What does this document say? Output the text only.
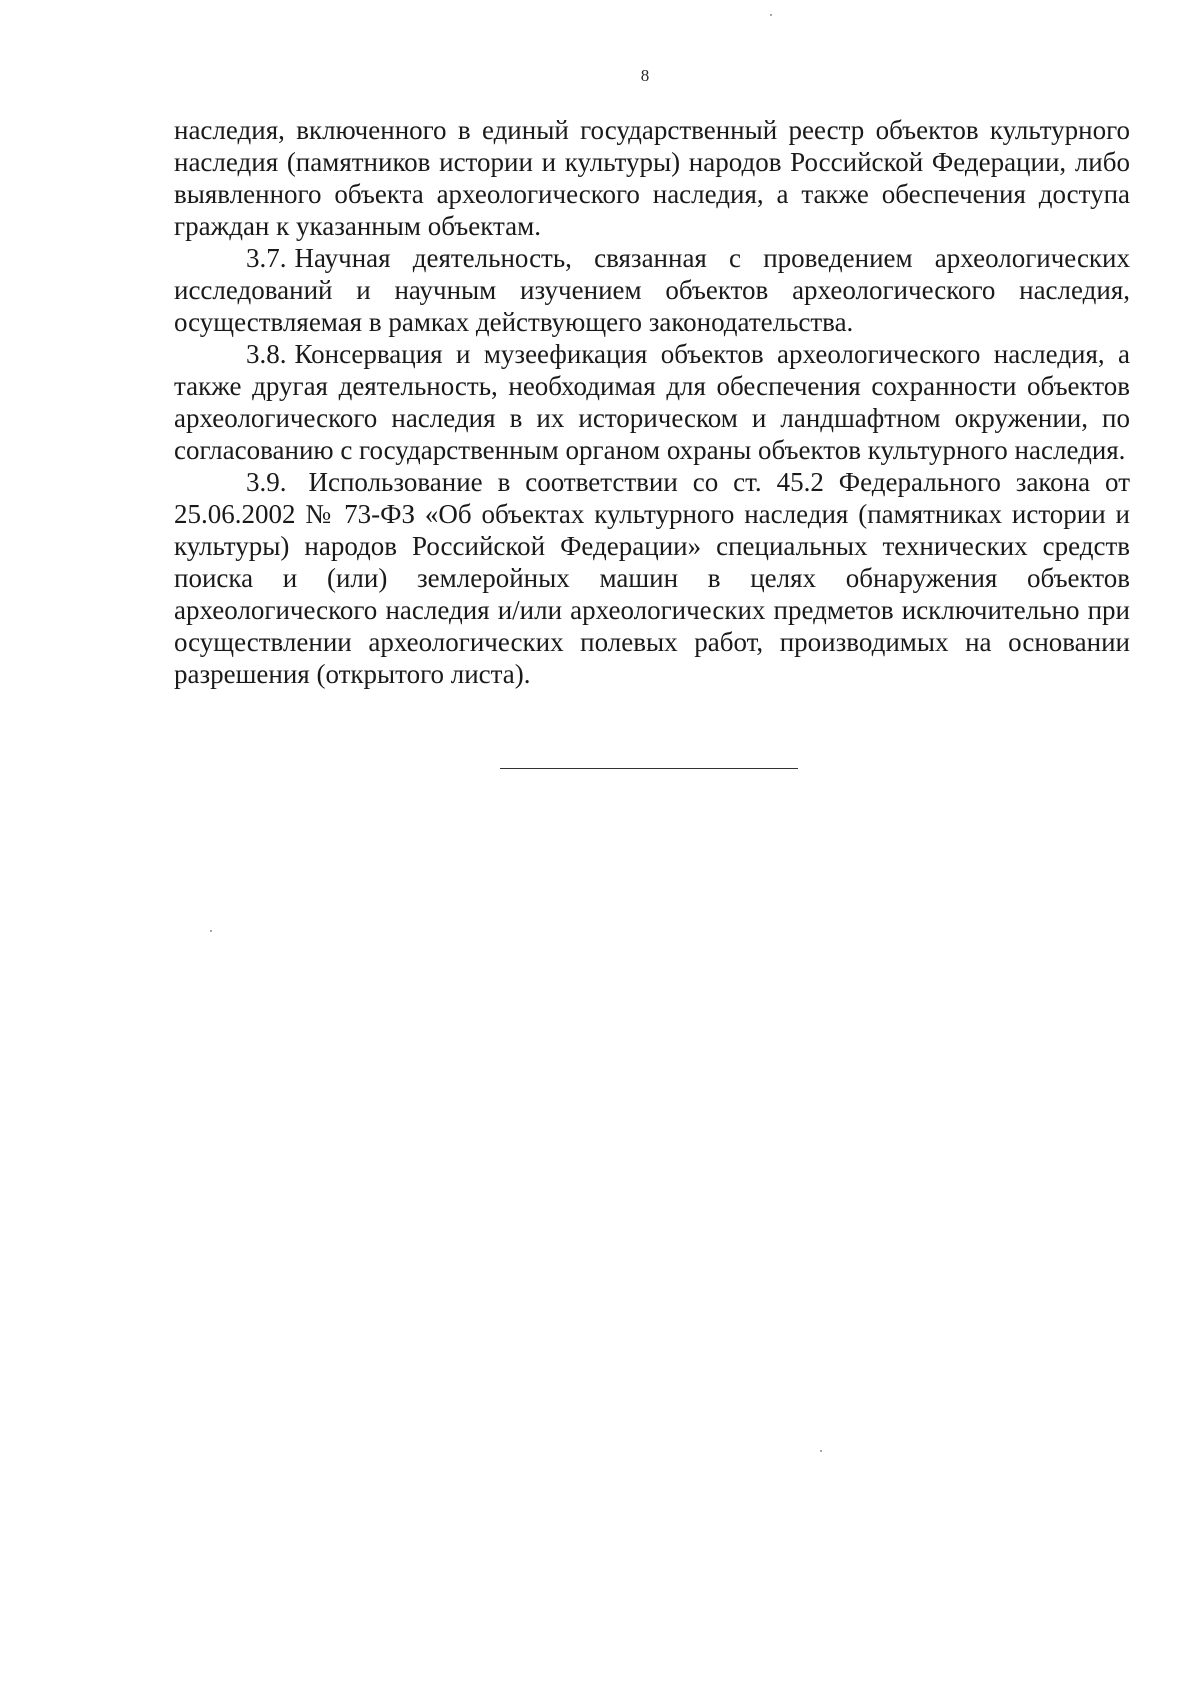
8

наследия, включенного в единый государственный реестр объектов культурного наследия (памятников истории и культуры) народов Российской Федерации, либо выявленного объекта археологического наследия, а также обеспечения доступа граждан к указанным объектам.

3.7. Научная деятельность, связанная с проведением археологических исследований и научным изучением объектов археологического наследия, осуществляемая в рамках действующего законодательства.

3.8. Консервация и музеефикация объектов археологического наследия, а также другая деятельность, необходимая для обеспечения сохранности объектов археологического наследия в их историческом и ландшафтном окружении, по согласованию с государственным органом охраны объектов культурного наследия.

3.9. Использование в соответствии со ст. 45.2 Федерального закона от 25.06.2002 № 73-ФЗ «Об объектах культурного наследия (памятниках истории и культуры) народов Российской Федерации» специальных технических средств поиска и (или) землеройных машин в целях обнаружения объектов археологического наследия и/или археологических предметов исключительно при осуществлении археологических полевых работ, производимых на основании разрешения (открытого листа).
